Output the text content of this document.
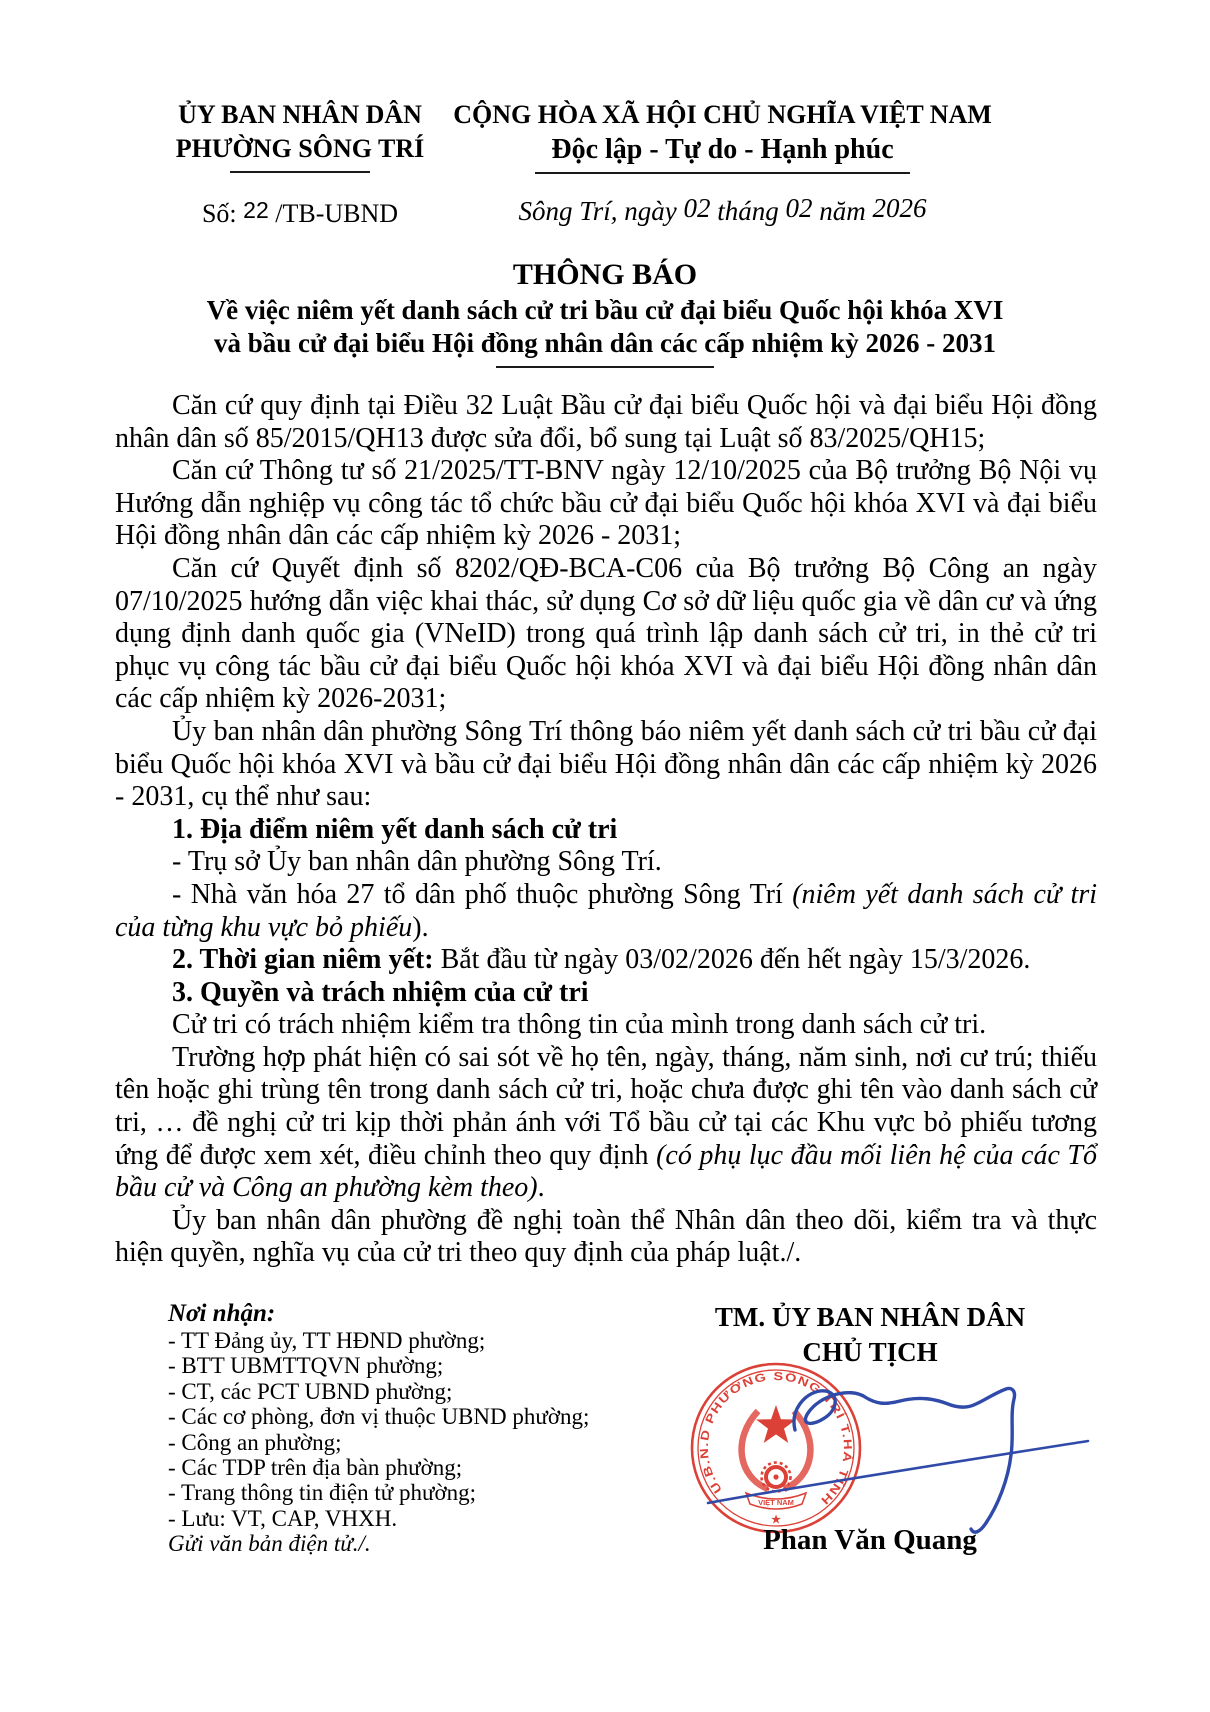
ỦY BAN NHÂN DÂN
PHƯỜNG SÔNG TRÍ
Số: 22 /TB-UBND
CỘNG HÒA XÃ HỘI CHỦ NGHĨA VIỆT NAM
Độc lập - Tự do - Hạnh phúc
Sông Trí, ngày 02 tháng 02 năm 2026
THÔNG BÁO
Về việc niêm yết danh sách cử tri bầu cử đại biểu Quốc hội khóa XVI
và bầu cử đại biểu Hội đồng nhân dân các cấp nhiệm kỳ 2026 - 2031

Căn cứ quy định tại Điều 32 Luật Bầu cử đại biểu Quốc hội và đại biểu Hội đồng nhân dân số 85/2015/QH13 được sửa đổi, bổ sung tại Luật số 83/2025/QH15;

Căn cứ Thông tư số 21/2025/TT-BNV ngày 12/10/2025 của Bộ trưởng Bộ Nội vụ Hướng dẫn nghiệp vụ công tác tổ chức bầu cử đại biểu Quốc hội khóa XVI và đại biểu Hội đồng nhân dân các cấp nhiệm kỳ 2026 - 2031;

Căn cứ Quyết định số 8202/QĐ-BCA-C06 của Bộ trưởng Bộ Công an ngày 07/10/2025 hướng dẫn việc khai thác, sử dụng Cơ sở dữ liệu quốc gia về dân cư và ứng dụng định danh quốc gia (VNeID) trong quá trình lập danh sách cử tri, in thẻ cử tri phục vụ công tác bầu cử đại biểu Quốc hội khóa XVI và đại biểu Hội đồng nhân dân các cấp nhiệm kỳ 2026-2031;

Ủy ban nhân dân phường Sông Trí thông báo niêm yết danh sách cử tri bầu cử đại biểu Quốc hội khóa XVI và bầu cử đại biểu Hội đồng nhân dân các cấp nhiệm kỳ 2026 - 2031, cụ thể như sau:

1. Địa điểm niêm yết danh sách cử tri

- Trụ sở Ủy ban nhân dân phường Sông Trí.

- Nhà văn hóa 27 tổ dân phố thuộc phường Sông Trí (niêm yết danh sách cử tri của từng khu vực bỏ phiếu).

2. Thời gian niêm yết: Bắt đầu từ ngày 03/02/2026 đến hết ngày 15/3/2026.

3. Quyền và trách nhiệm của cử tri

Cử tri có trách nhiệm kiểm tra thông tin của mình trong danh sách cử tri.

Trường hợp phát hiện có sai sót về họ tên, ngày, tháng, năm sinh, nơi cư trú; thiếu tên hoặc ghi trùng tên trong danh sách cử tri, hoặc chưa được ghi tên vào danh sách cử tri, … đề nghị cử tri kịp thời phản ánh với Tổ bầu cử tại các Khu vực bỏ phiếu tương ứng để được xem xét, điều chỉnh theo quy định (có phụ lục đầu mối liên hệ của các Tổ bầu cử và Công an phường kèm theo).

Ủy ban nhân dân phường đề nghị toàn thể Nhân dân theo dõi, kiểm tra và thực hiện quyền, nghĩa vụ của cử tri theo quy định của pháp luật./.

Nơi nhận:
- TT Đảng ủy, TT HĐND phường;
- BTT UBMTTQVN phường;
- CT, các PCT UBND phường;
- Các cơ phòng, đơn vị thuộc UBND phường;
- Công an phường;
- Các TDP trên địa bàn phường;
- Trang thông tin điện tử phường;
- Lưu: VT, CAP, VHXH.
Gửi văn bản điện tử./.
TM. ỦY BAN NHÂN DÂN
CHỦ TỊCH
VIỆT NAM
U.B.N.D PHƯỜNG SÔNG TRÍ T.HÀ TĨNH
★
Phan Văn Quang
